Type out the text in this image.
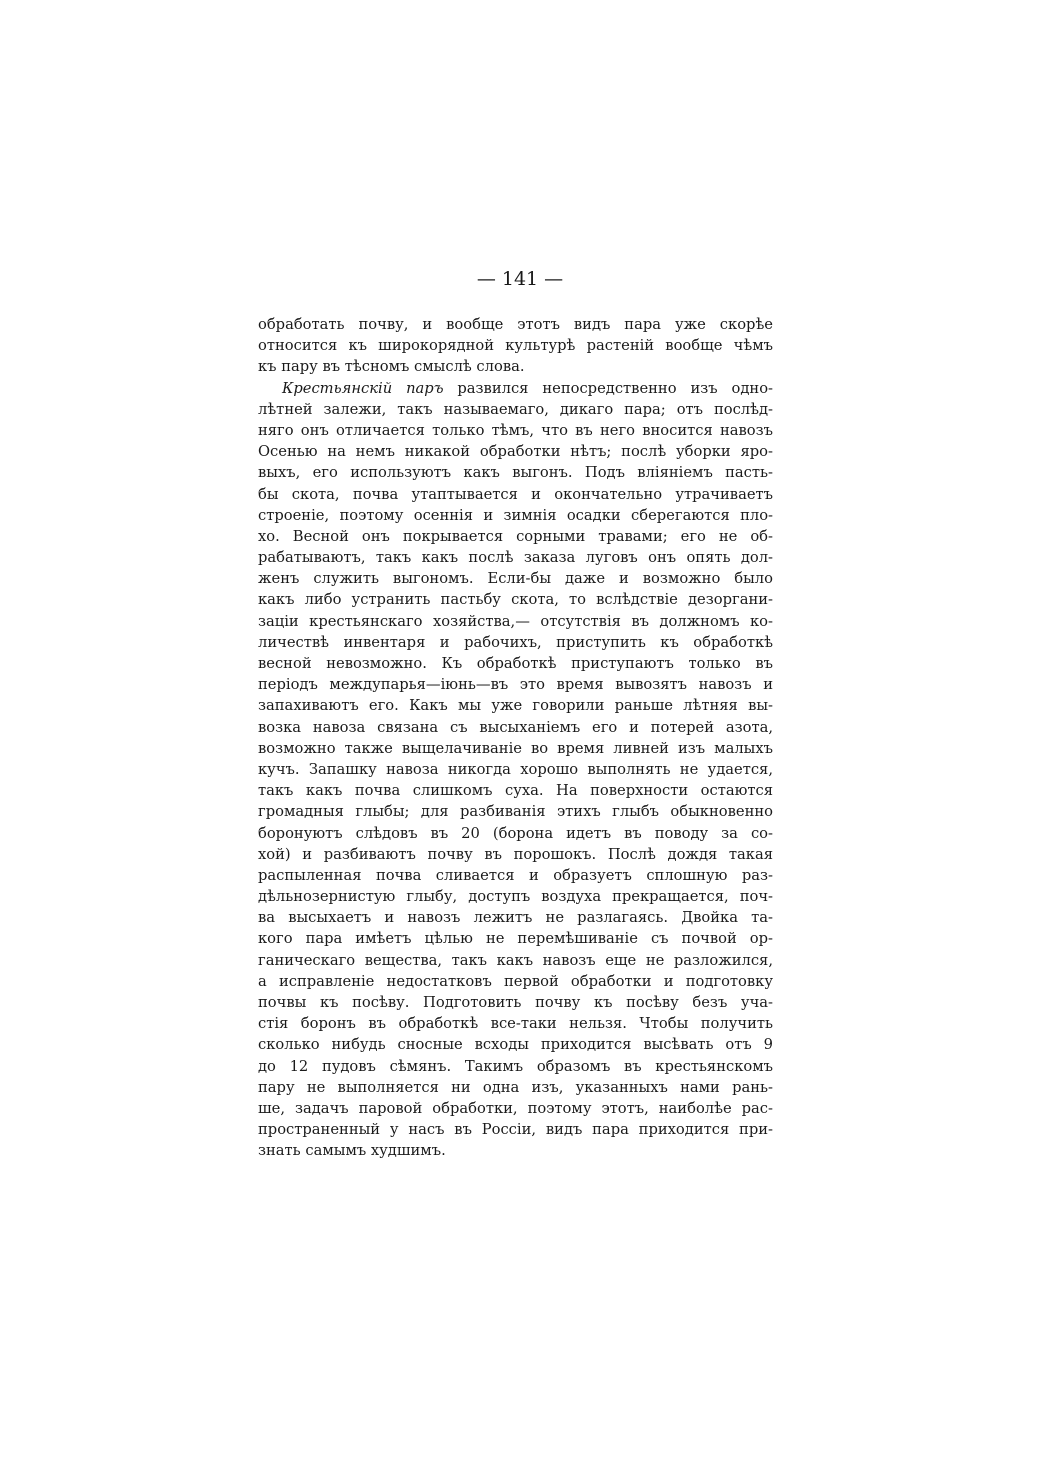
— 141 —
обработать почву, и вообще этотъ видъ пара уже скорѣе
относится къ широкорядной культурѣ растеній вообще чѣмъ
къ пару въ тѣсномъ смыслѣ слова.
Крестьянскій паръ развился непосредственно изъ одно-
лѣтней залежи, такъ называемаго, дикаго пара; отъ послѣд-
няго онъ отличается только тѣмъ, что въ него вносится навозъ
Осенью на немъ никакой обработки нѣтъ; послѣ уборки яро-
выхъ, его используютъ какъ выгонъ. Подъ вліяніемъ пасть-
бы скота, почва утаптывается и окончательно утрачиваетъ
строеніе, поэтому осеннія и зимнія осадки сберегаются пло-
хо. Весной онъ покрывается сорными травами; его не об-
рабатываютъ, такъ какъ послѣ заказа луговъ онъ опять дол-
женъ служить выгономъ. Если-бы даже и возможно было
какъ либо устранить пастьбу скота, то вслѣдствіе дезоргани-
заціи крестьянскаго хозяйства,— отсутствія въ должномъ ко-
личествѣ инвентаря и рабочихъ, приступить къ обработкѣ
весной невозможно. Къ обработкѣ приступаютъ только въ
періодъ междупарья—іюнь—въ это время вывозятъ навозъ и
запахиваютъ его. Какъ мы уже говорили раньше лѣтняя вы-
возка навоза связана съ высыханіемъ его и потерей азота,
возможно также выщелачиваніе во время ливней изъ малыхъ
кучъ. Запашку навоза никогда хорошо выполнять не удается,
такъ какъ почва слишкомъ суха. На поверхности остаются
громадныя глыбы; для разбиванія этихъ глыбъ обыкновенно
боронуютъ слѣдовъ въ 20 (борона идетъ въ поводу за со-
хой) и разбиваютъ почву въ порошокъ. Послѣ дождя такая
распыленная почва сливается и образуетъ сплошную раз-
дѣльнозернистую глыбу, доступъ воздуха прекращается, поч-
ва высыхаетъ и навозъ лежитъ не разлагаясь. Двойка та-
кого пара имѣетъ цѣлью не перемѣшиваніе съ почвой ор-
ганическаго вещества, такъ какъ навозъ еще не разложился,
а исправленіе недостатковъ первой обработки и подготовку
почвы къ посѣву. Подготовить почву къ посѣву безъ уча-
стія боронъ въ обработкѣ все-таки нельзя. Чтобы получить
сколько нибудь сносные всходы приходится высѣвать отъ 9
до 12 пудовъ сѣмянъ. Такимъ образомъ въ крестьянскомъ
пару не выполняется ни одна изъ, указанныхъ нами рань-
ше, задачъ паровой обработки, поэтому этотъ, наиболѣе рас-
пространенный у насъ въ Россіи, видъ пара приходится при-
знать самымъ худшимъ.
